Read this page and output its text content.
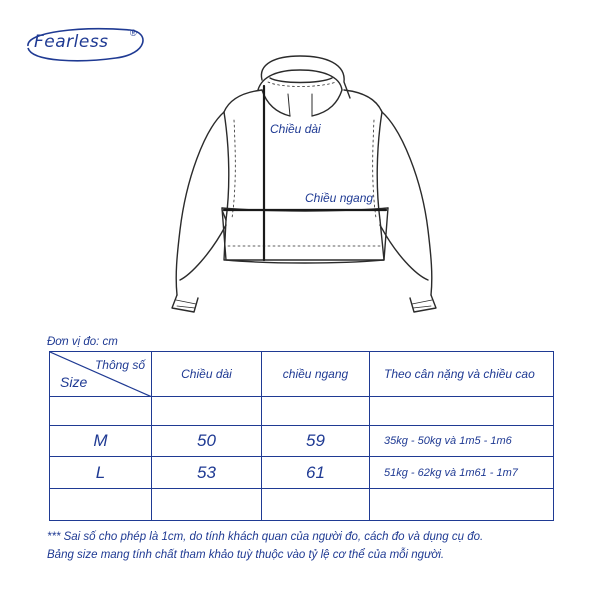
Fearless ®
Chiều dài
Chiều ngang
Đơn vị đo: cm
Thông số
Size	Chiều dài	chiều ngang	Theo cân nặng và chiều cao

M	50	59	35kg - 50kg và 1m5 - 1m6
L	53	61	51kg - 62kg và 1m61 - 1m7

*** Sai số cho phép là 1cm, do tính khách quan của người đo, cách đo và dụng cụ đo.
Bảng size mang tính chất tham khảo tuỳ thuộc vào tỷ lệ cơ thể của mỗi người.
